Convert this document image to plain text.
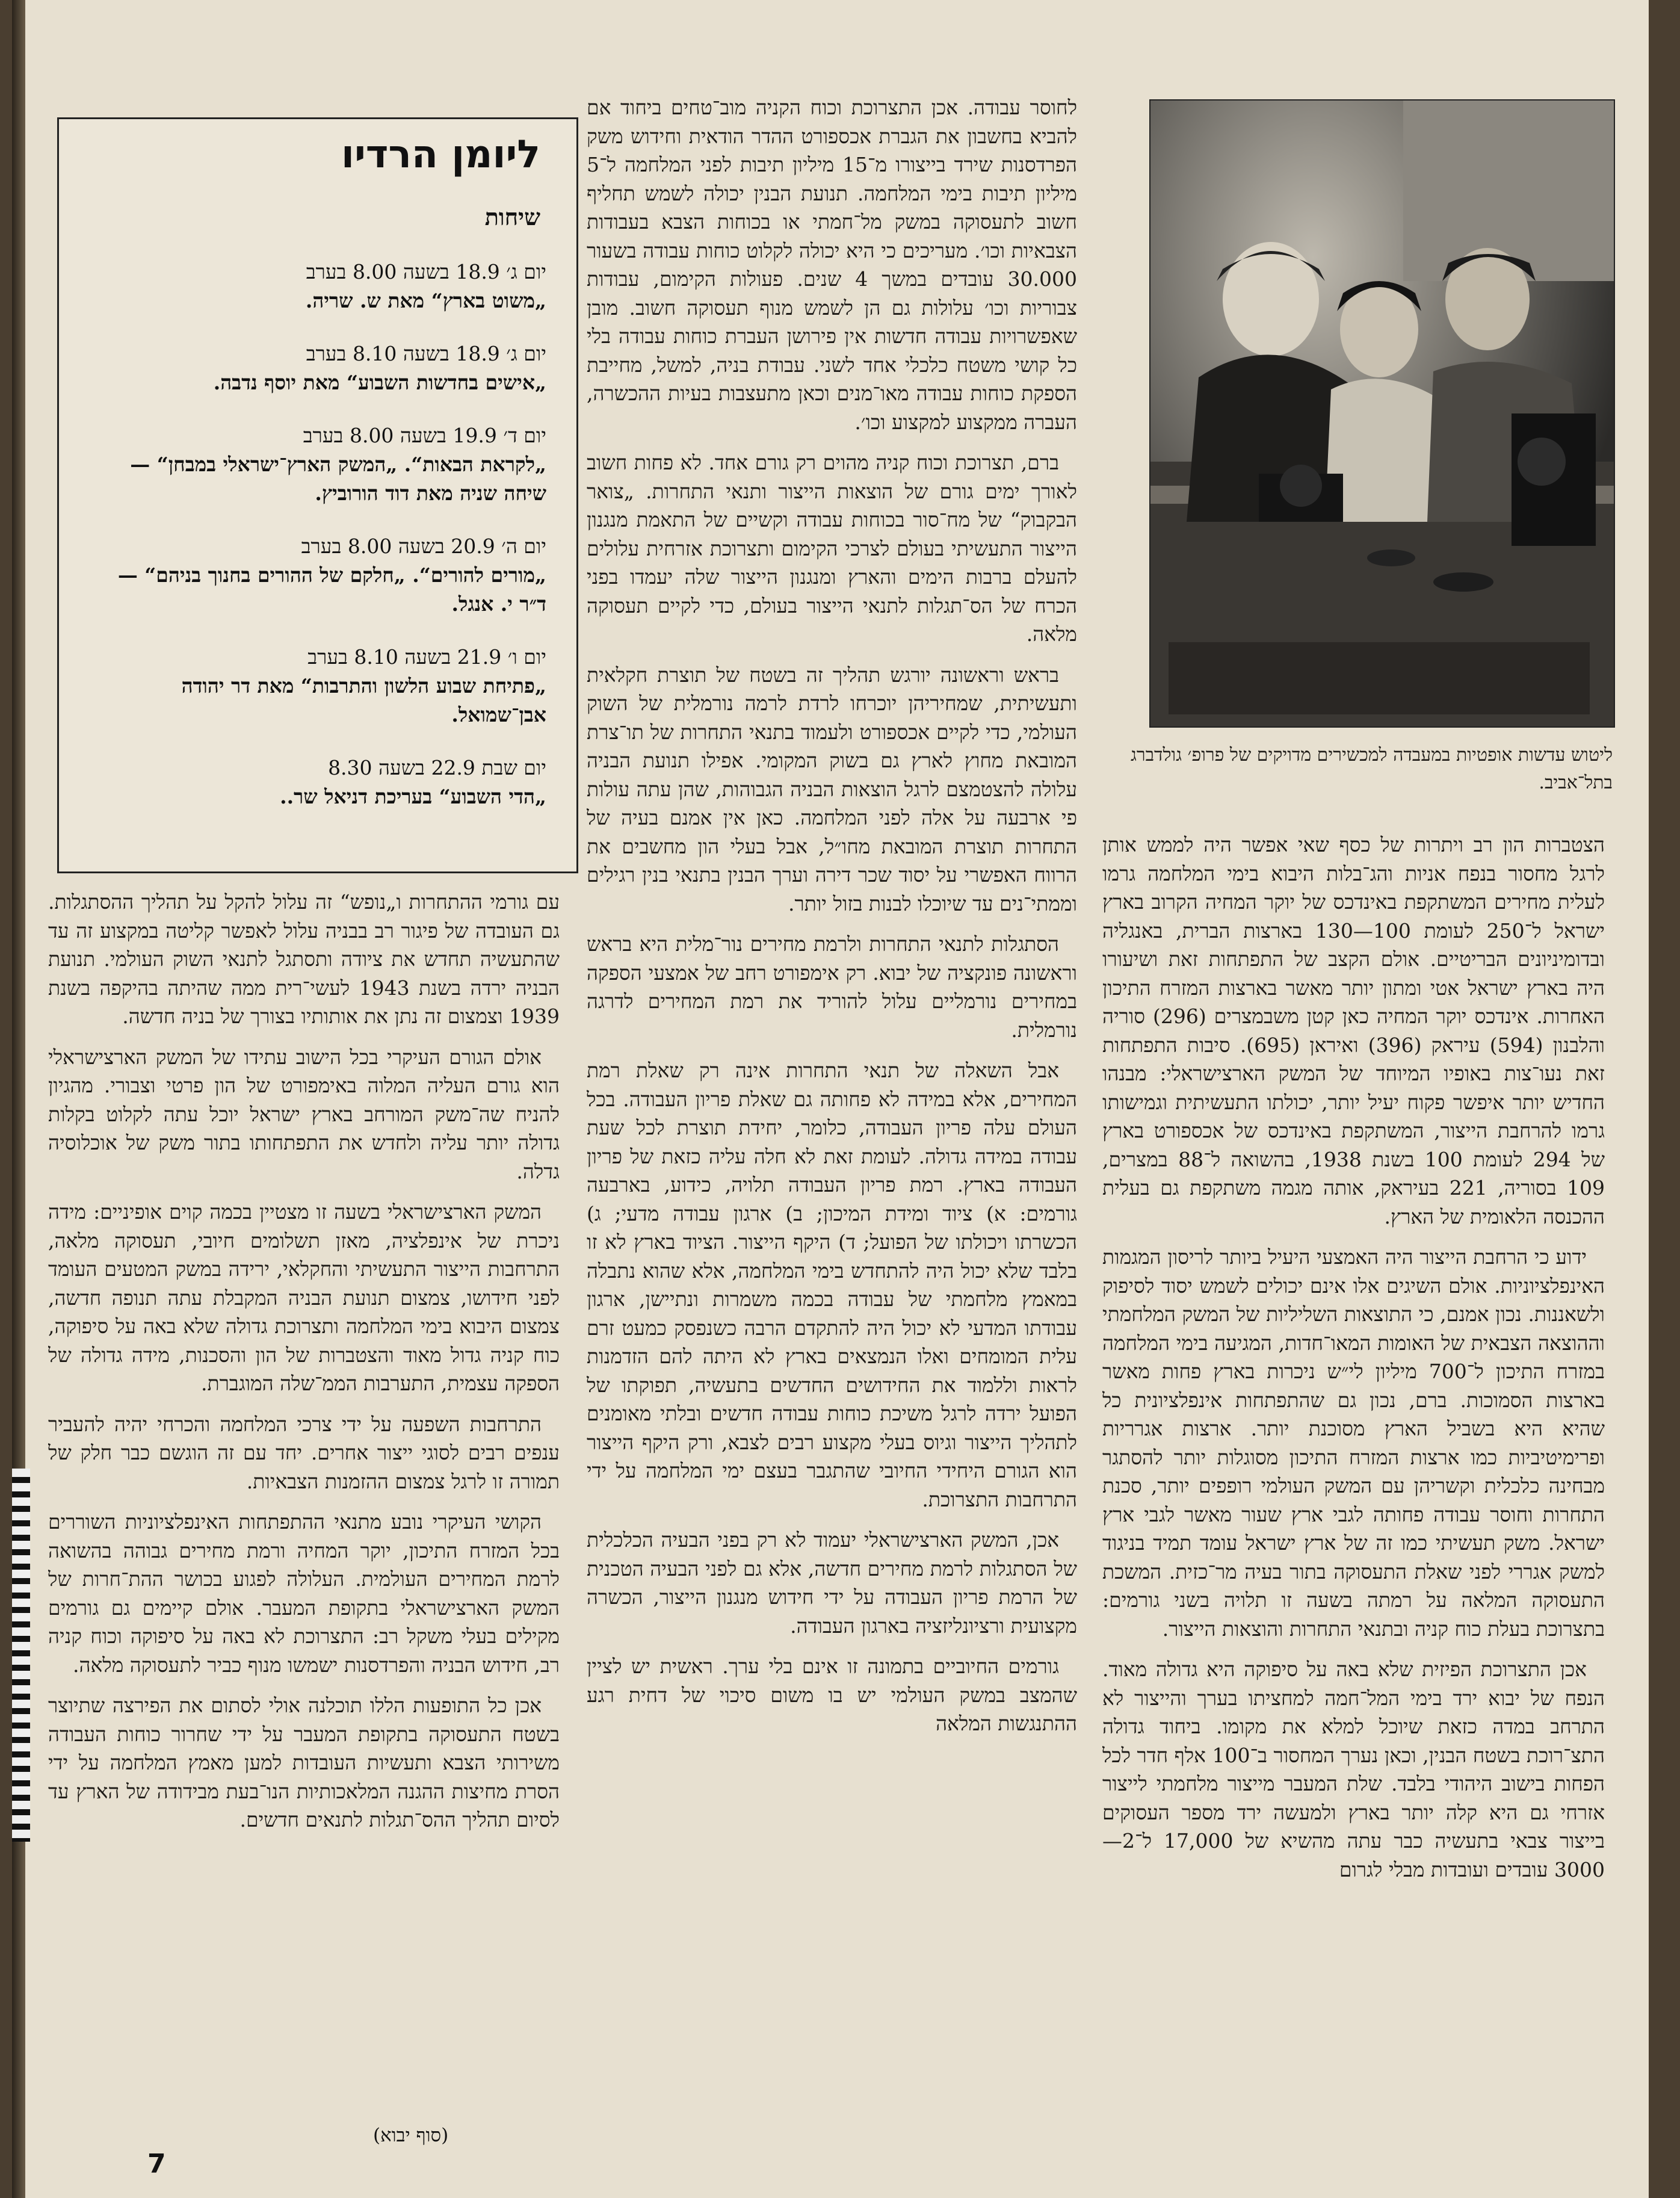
ליומן הרדיו
שיחות
יום ג׳ 18.9 בשעה 8.00 בערב
„משוט בארץ“ מאת ש. שריה.
יום ג׳ 18.9 בשעה 8.10 בערב
„אישים בחדשות השבוע“ מאת יוסף נדבה.
יום ד׳ 19.9 בשעה 8.00 בערב
„לקראת הבאות“. „המשק הארץ־ישראלי במבחן“ — שיחה שניה מאת דוד הורוביץ.
יום ה׳ 20.9 בשעה 8.00 בערב
„מורים להורים“. „חלקם של ההורים בחנוך בניהם“ — ד״ר י. אנגל.
יום ו׳ 21.9 בשעה 8.10 בערב
„פתיחת שבוע הלשון והתרבות“ מאת דר יהודה אבן־שמואל.
יום שבת 22.9 בשעה 8.30
„הדי השבוע“ בעריכת דניאל שר..
ליטוש עדשות אופטיות במעבדה למכשירים מדויקים של פרופ׳ גולדברג בתל־אביב.

הצטברות הון רב ויתרות של כסף שאי אפשר היה לממש אותן לרגל מחסור בנפח אניות והג־בלות היבוא בימי המלחמה גרמו לעלית מחירים המשתקפת באינדכס של יוקר המחיה הקרוב בארץ ישראל ל־250 לעומת 100—130 בארצות הברית, באנגליה ובדומיניונים הבריטיים. אולם הקצב של התפתחות זאת ושיעורו היה בארץ ישראל אטי ומתון יותר מאשר בארצות המזרח התיכון האחרות. אינדכס יוקר המחיה כאן קטן משבמצרים (296) סוריה והלבנון (594) עיראק (396) ואיראן (695). סיבות התפתחות זאת נעו־צות באופיו המיוחד של המשק הארצישראלי: מבנהו החדיש יותר איפשר פקוח יעיל יותר, יכולתו התעשיתית וגמישותו גרמו להרחבת הייצור, המשתקפת באינדכס של אכספורט בארץ של 294 לעומת 100 בשנת 1938, בהשואה ל־88 במצרים, 109 בסוריה, 221 בעיראק, אותה מגמה משתקפת גם בעלית ההכנסה הלאומית של הארץ.

ידוע כי הרחבת הייצור היה האמצעי היעיל ביותר לריסון המגמות האינפלציוניות. אולם השיגים אלו אינם יכולים לשמש יסוד לסיפוק ולשאננות. נכון אמנם, כי התוצאות השליליות של המשק המלחמתי וההוצאה הצבאית של האומות המאו־חדות, המגיעה בימי המלחמה במזרח התיכון ל־700 מיליון לי״ש ניכרות בארץ פחות מאשר בארצות הסמוכות. ברם, נכון גם שהתפתחות אינפלציונית כל שהיא היא בשביל הארץ מסוכנת יותר. ארצות אגרריות ופרימיטיביות כמו ארצות המזרח התיכון מסוגלות יותר להסתגר מבחינה כלכלית וקשריהן עם המשק העולמי רופפים יותר, סכנת התחרות וחוסר עבודה פחותה לגבי ארץ שעור מאשר לגבי ארץ ישראל. משק תעשיתי כמו זה של ארץ ישראל עומד תמיד בניגוד למשק אגררי לפני שאלת התעסוקה בתור בעיה מר־כזית. המשכת התעסוקה המלאה על רמתה בשעה זו תלויה בשני גורמים: בתצרוכת בעלת כוח קניה ובתנאי התחרות והוצאות הייצור.

אכן התצרוכת הפיזית שלא באה על סיפוקה היא גדולה מאוד. הנפח של יבוא ירד בימי המל־חמה למחציתו בערך והייצור לא התרחב במדה כזאת שיוכל למלא את מקומו. ביחוד גדולה התצ־רוכת בשטח הבנין, וכאן נערך המחסור ב־100 אלף חדר לכל הפחות בישוב היהודי בלבד. שלת המעבר מייצור מלחמתי לייצור אזרחי גם היא קלה יותר בארץ ולמעשה ירד מספר העסוקים בייצור צבאי בתעשיה כבר עתה מהשיא של 17,000 ל־2—3000 עובדים ועובדות מבלי לגרום

לחוסר עבודה. אכן התצרוכת וכוח הקניה מוב־טחים ביחוד אם להביא בחשבון את הגברת אכספורט ההדר הודאית וחידוש משק הפרדסנות שירד בייצורו מ־15 מיליון תיבות לפני המלחמה ל־5 מיליון תיבות בימי המלחמה. תנועת הבנין יכולה לשמש תחליף חשוב לתעסוקה במשק מל־חמתי או בכוחות הצבא בעבודות הצבאיות וכו׳. מעריכים כי היא יכולה לקלוט כוחות עבודה בשעור 30.000 עובדים במשך 4 שנים. פעולות הקימום, עבודות צבוריות וכו׳ עלולות גם הן לשמש מנוף תעסוקה חשוב. מובן שאפשרויות עבודה חדשות אין פירושן העברת כוחות עבודה בלי כל קושי משטח כלכלי אחד לשני. עבודת בניה, למשל, מחייבת הספקת כוחות עבודה מאו־מנים וכאן מתעצבות בעיות ההכשרה, העברה ממקצוע למקצוע וכו׳.

ברם, תצרוכת וכוח קניה מהוים רק גורם אחד. לא פחות חשוב לאורך ימים גורם של הוצאות הייצור ותנאי התחרות. „צואר הבקבוק“ של מח־סור בכוחות עבודה וקשיים של התאמת מנגנון הייצור התעשיתי בעולם לצרכי הקימום ותצרוכת אזרחית עלולים להעלם ברבות הימים והארץ ומנגנון הייצור שלה יעמדו בפני הכרח של הס־תגלות לתנאי הייצור בעולם, כדי לקיים תעסוקה מלאה.

בראש וראשונה יורגש תהליך זה בשטח של תוצרת חקלאית ותעשיתית, שמחיריהן יוכרחו לרדת לרמה נורמלית של השוק העולמי, כדי לקיים אכספורט ולעמוד בתנאי התחרות של תו־צרת המובאת מחוץ לארץ גם בשוק המקומי. אפילו תנועת הבניה עלולה להצטמצם לרגל הוצאות הבניה הגבוהות, שהן עתה עולות פי ארבעה על אלה לפני המלחמה. כאן אין אמנם בעיה של התחרות תוצרת המובאת מחו״ל, אבל בעלי הון מחשבים את הרווח האפשרי על יסוד שכר דירה וערך הבנין בתנאי בנין רגילים וממתי־נים עד שיוכלו לבנות בזול יותר.

הסתגלות לתנאי התחרות ולרמת מחירים נור־מלית היא בראש וראשונה פונקציה של יבוא. רק אימפורט רחב של אמצעי הספקה במחירים נורמליים עלול להוריד את רמת המחירים לדרגה נורמלית.

אבל השאלה של תנאי התחרות אינה רק שאלת רמת המחירים, אלא במידה לא פחותה גם שאלת פריון העבודה. בכל העולם עלה פריון העבודה, כלומר, יחידת תוצרת לכל שעת עבודה במידה גדולה. לעומת זאת לא חלה עליה כזאת של פריון העבודה בארץ. רמת פריון העבודה תלויה, כידוע, בארבעה גורמים: א) ציוד ומידת המיכון; ב) ארגון עבודה מדעי; ג) הכשרתו ויכולתו של הפועל; ד) היקף הייצור. הציוד בארץ לא זו בלבד שלא יכול היה להתחדש בימי המלחמה, אלא שהוא נתבלה במאמץ מלחמתי של עבודה בכמה משמרות ונתיישן, ארגון עבודתו המדעי לא יכול היה להתקדם הרבה כשנפסק כמעט זרם עלית המומחים ואלו הנמצאים בארץ לא היתה להם הזדמנות לראות וללמוד את החידושים החדשים בתעשיה, תפוקתו של הפועל ירדה לרגל משיכת כוחות עבודה חדשים ובלתי מאומנים לתהליך הייצור וגיוס בעלי מקצוע רבים לצבא, ורק היקף הייצור הוא הגורם היחידי החיובי שהתגבר בעצם ימי המלחמה על ידי התרחבות התצרוכת.

אכן, המשק הארצישראלי יעמוד לא רק בפני הבעיה הכלכלית של הסתגלות לרמת מחירים חדשה, אלא גם לפני הבעיה הטכנית של הרמת פריון העבודה על ידי חידוש מנגנון הייצור, הכשרה מקצועית ורציונליזציה בארגון העבודה.

גורמים החיוביים בתמונה זו אינם בלי ערך. ראשית יש לציין שהמצב במשק העולמי יש בו משום סיכוי של דחית רגע ההתנגשות המלאה

עם גורמי ההתחרות ו„נופש“ זה עלול להקל על תהליך ההסתגלות. גם העובדה של פיגור רב בבניה עלול לאפשר קליטה במקצוע זה עד שהתעשיה תחדש את ציודה ותסתגל לתנאי השוק העולמי. תנועת הבניה ירדה בשנת 1943 לעשי־רית ממה שהיתה בהיקפה בשנת 1939 וצמצום זה נתן את אותותיו בצורך של בניה חדשה.

אולם הגורם העיקרי בכל הישוב עתידו של המשק הארצישראלי הוא גורם העליה המלוה באימפורט של הון פרטי וצבורי. מהגיון להניח שה־משק המורחב בארץ ישראל יוכל עתה לקלוט בקלות גדולה יותר עליה ולחדש את התפתחותו בתור משק של אוכלוסיה גדלה.

המשק הארצישראלי בשעה זו מצטיין בכמה קוים אופיניים: מידה ניכרת של אינפלציה, מאזן תשלומים חיובי, תעסוקה מלאה, התרחבות הייצור התעשיתי והחקלאי, ירידה במשק המטעים העומד לפני חידושו, צמצום תנועת הבניה המקבלת עתה תנופה חדשה, צמצום היבוא בימי המלחמה ותצרוכת גדולה שלא באה על סיפוקה, כוח קניה גדול מאוד והצטברות של הון והסכנות, מידה גדולה של הספקה עצמית, התערבות הממ־שלה המוגברת.

התרחבות השפעה על ידי צרכי המלחמה והכרחי יהיה להעביר ענפים רבים לסוגי ייצור אחרים. יחד עם זה הוגשם כבר חלק של תמורה זו לרגל צמצום ההזמנות הצבאיות.

הקושי העיקרי נובע מתנאי ההתפתחות האינפלציוניות השוררים בכל המזרח התיכון, יוקר המחיה ורמת מחירים גבוהה בהשואה לרמת המחירים העולמית. העלולה לפגוע בכושר ההת־חרות של המשק הארצישראלי בתקופת המעבר. אולם קיימים גם גורמים מקילים בעלי משקל רב: התצרוכת לא באה על סיפוקה וכוח קניה רב, חידוש הבניה והפרדסנות ישמשו מנוף כביר לתעסוקה מלאה.

אכן כל התופעות הללו תוכלנה אולי לסתום את הפירצה שתיוצר בשטח התעסוקה בתקופת המעבר על ידי שחרור כוחות העבודה משירותי הצבא ותעשיות העובדות למען מאמץ המלחמה על ידי הסרת מחיצות ההגנה המלאכותיות הנו־בעת מבידודה של הארץ עד לסיום תהליך ההס־תגלות לתנאים חדשים.

(סוף יבוא)
7
